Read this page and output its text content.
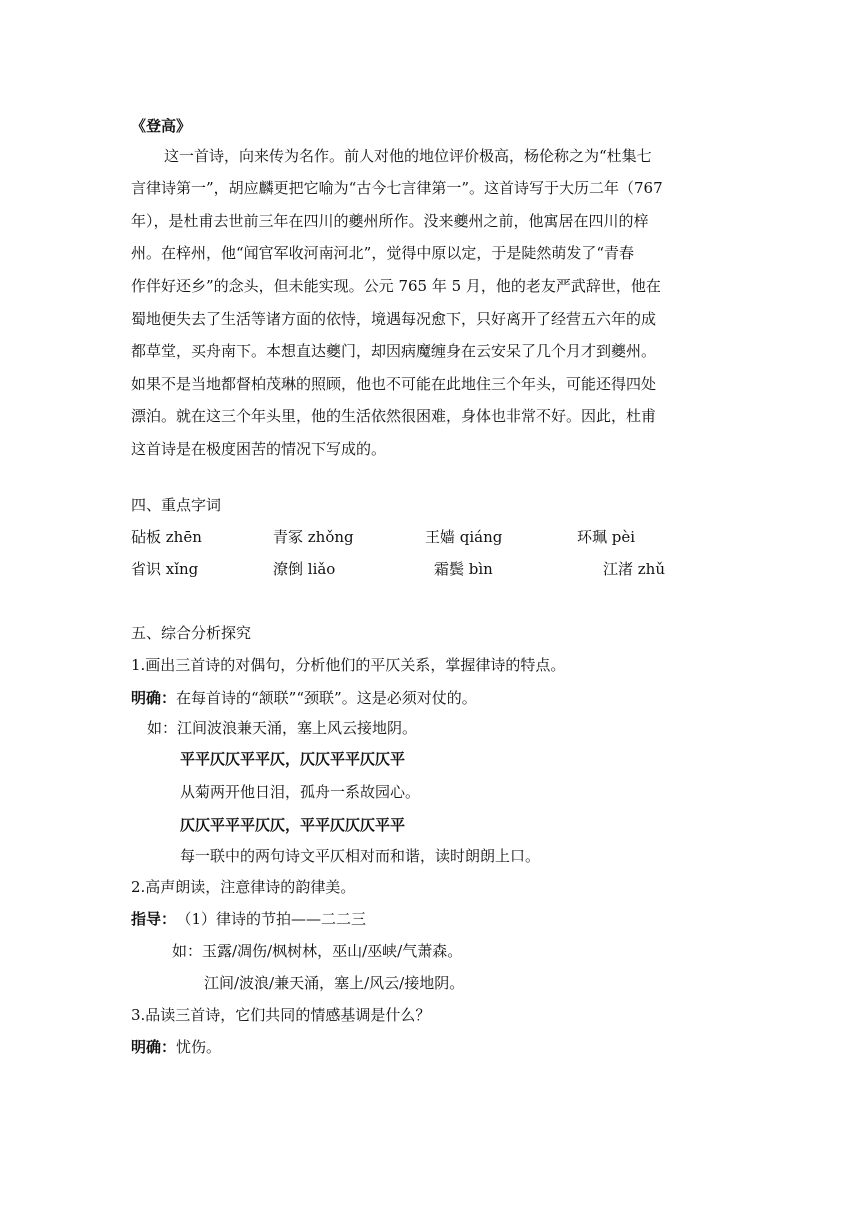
《登高》
这一首诗，向来传为名作。前人对他的地位评价极高，杨伦称之为“杜集七
言律诗第一”，胡应麟更把它喻为“古今七言律第一”。这首诗写于大历二年（767
年），是杜甫去世前三年在四川的夔州所作。没来夔州之前，他寓居在四川的梓
州。在梓州，他“闻官军收河南河北”，觉得中原以定，于是陡然萌发了“青春
作伴好还乡”的念头，但未能实现。公元 765 年 5 月，他的老友严武辞世，他在
蜀地便失去了生活等诸方面的依恃，境遇每况愈下，只好离开了经营五六年的成
都草堂，买舟南下。本想直达夔门，却因病魔缠身在云安呆了几个月才到夔州。
如果不是当地都督柏茂琳的照顾，他也不可能在此地住三个年头，可能还得四处
漂泊。就在这三个年头里，他的生活依然很困难，身体也非常不好。因此，杜甫
这首诗是在极度困苦的情况下写成的。
四、重点字词
砧板 zhēn	青冢 zhǒng	王嫱 qiáng	环珮 pèi
省识 xǐng	潦倒 liǎo	霜鬓 bìn	江渚 zhǔ
五、综合分析探究
1.画出三首诗的对偶句，分析他们的平仄关系，掌握律诗的特点。
明确：在每首诗的“颔联”“颈联”。这是必须对仗的。
如：江间波浪兼天涌，塞上风云接地阴。
平平仄仄平平仄，仄仄平平仄仄平
从菊两开他日泪，孤舟一系故园心。
仄仄平平平仄仄，平平仄仄仄平平
每一联中的两句诗文平仄相对而和谐，读时朗朗上口。
2.高声朗读，注意律诗的韵律美。
指导： （1）律诗的节拍——二二三
如：玉露/凋伤/枫树林，巫山/巫峡/气萧森。
江间/波浪/兼天涌，塞上/风云/接地阴。
3.品读三首诗，它们共同的情感基调是什么？
明确：忧伤。
